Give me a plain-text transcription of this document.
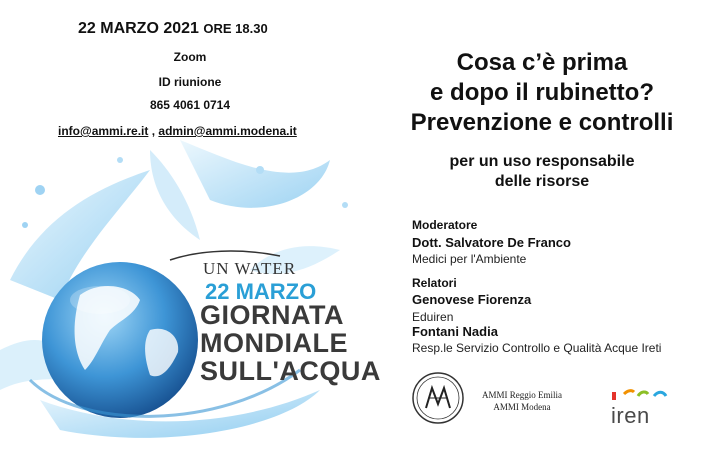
22 MARZO 2021 ORE 18.30
Zoom
ID riunione
865 4061 0714
info@ammi.re.it , admin@ammi.modena.it
UN WATER
22 MARZO
GIORNATA
MONDIALE
SULL'ACQUA
Cosa c’è prima
e dopo il rubinetto?
Prevenzione e controlli
per un uso responsabile
delle risorse
Moderatore
Dott. Salvatore De Franco
Medici per l'Ambiente
Relatori
Genovese Fiorenza
Eduiren
Fontani Nadia
Resp.le Servizio Controllo e Qualità Acque Ireti
AMMI Reggio Emilia
AMMI Modena	iren
